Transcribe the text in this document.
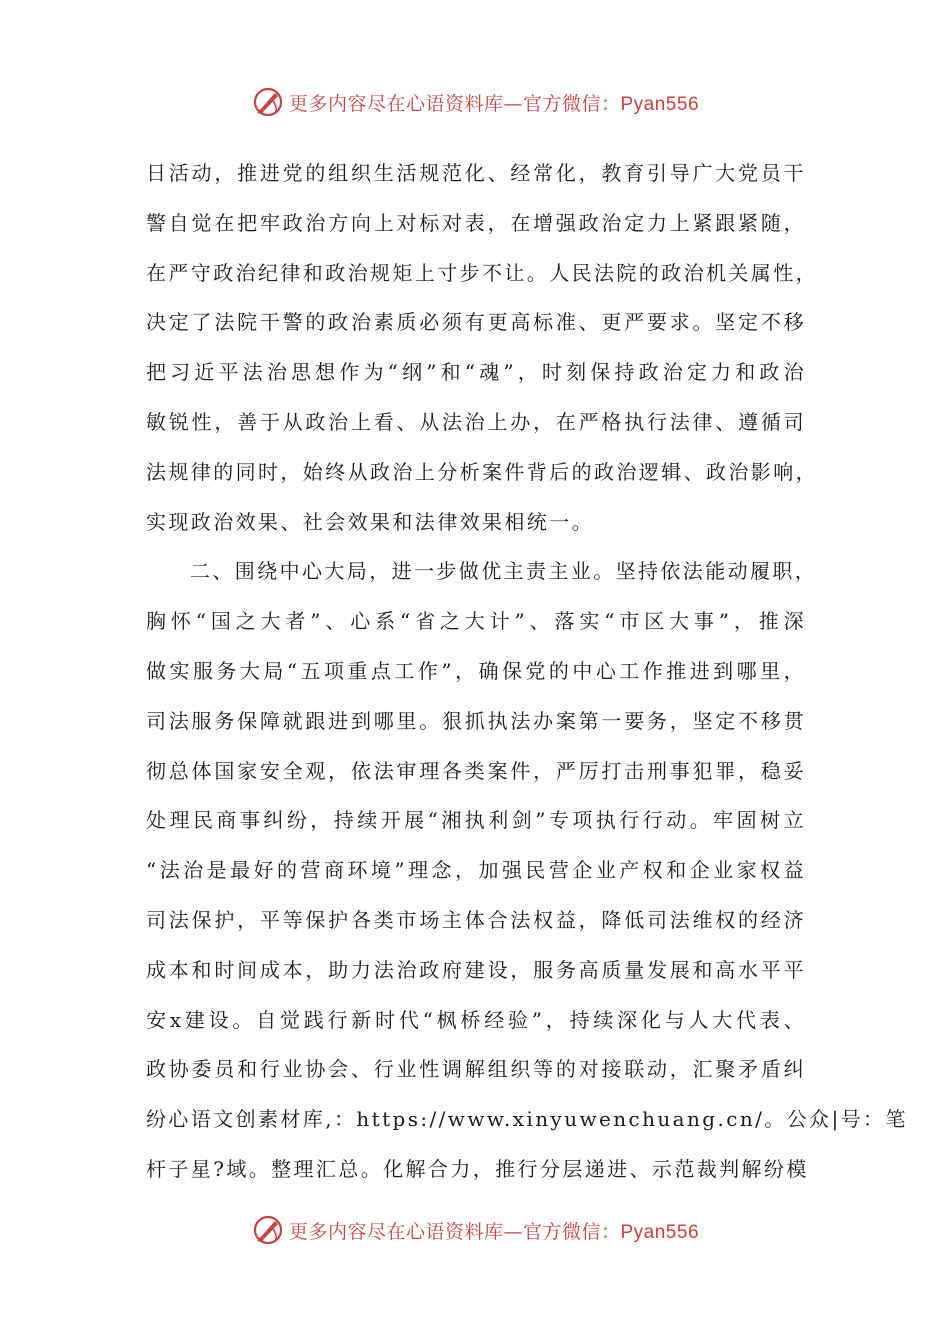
更多内容尽在心语资料库—官方微信：Pyan556
日活动，推进党的组织生活规范化、经常化，教育引导广大党员干
警自觉在把牢政治方向上对标对表，在增强政治定力上紧跟紧随，
在严守政治纪律和政治规矩上寸步不让。人民法院的政治机关属性，
决定了法院干警的政治素质必须有更高标准、更严要求。坚定不移
把习近平法治思想作为“纲”和“魂”，时刻保持政治定力和政治
敏锐性，善于从政治上看、从法治上办，在严格执行法律、遵循司
法规律的同时，始终从政治上分析案件背后的政治逻辑、政治影响，
实现政治效果、社会效果和法律效果相统一。
二、围绕中心大局，进一步做优主责主业。坚持依法能动履职，
胸怀“国之大者”、心系“省之大计”、落实“市区大事”，推深
做实服务大局“五项重点工作”，确保党的中心工作推进到哪里，
司法服务保障就跟进到哪里。狠抓执法办案第一要务，坚定不移贯
彻总体国家安全观，依法审理各类案件，严厉打击刑事犯罪，稳妥
处理民商事纠纷，持续开展“湘执利剑”专项执行行动。牢固树立
“法治是最好的营商环境”理念，加强民营企业产权和企业家权益
司法保护，平等保护各类市场主体合法权益，降低司法维权的经济
成本和时间成本，助力法治政府建设，服务高质量发展和高水平平
安x建设。自觉践行新时代“枫桥经验”，持续深化与人大代表、
政协委员和行业协会、行业性调解组织等的对接联动，汇聚矛盾纠
纷心语文创素材库,：https://www.xinyuwenchuang.cn/。公众|号：笔
杆子星?域。整理汇总。化解合力，推行分层递进、示范裁判解纷模
更多内容尽在心语资料库—官方微信：Pyan556
